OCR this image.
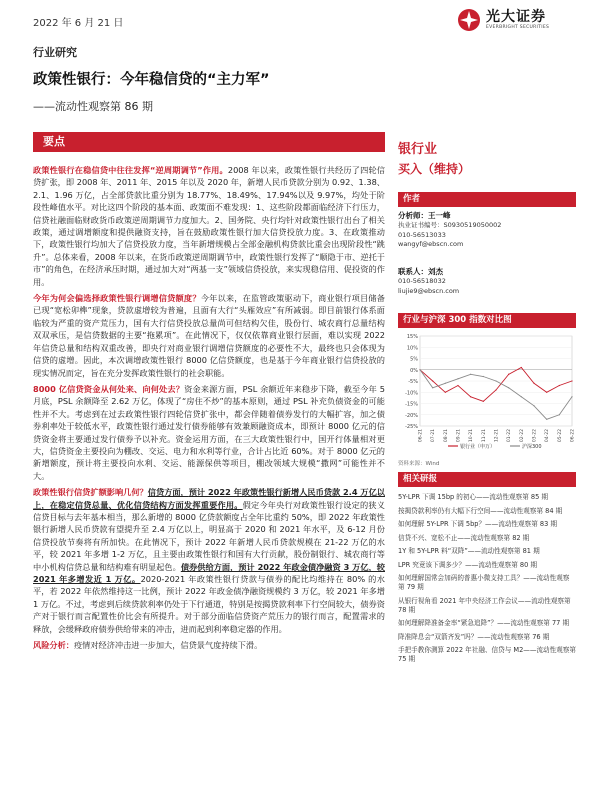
2022 年 6 月 21 日	光大证券
EVERBRIGHT SECURITIES
行业研究
政策性银行：今年稳信贷的“主力军”
——流动性观察第 86 期
要点

政策性银行在稳信贷中往往发挥“逆周期调节”作用。2008 年以来，政策性银行共经历了四轮信贷扩张，即 2008 年、2011 年、2015 年以及 2020 年，新增人民币贷款分别为 0.92、1.38、2.1、1.96 万亿，占全部贷款比重分别为 18.77%、18.49%、17.94%以及 9.97%，均处于阶段性峰值水平。对比这四个阶段的基本面、政策面不难发现：1、这些阶段都面临经济下行压力，信贷社融面临财政货币政策逆周期调节力度加大。2、国务院、央行均针对政策性银行出台了相关政策，通过调增额度和提供融资支持，旨在鼓励政策性银行加大信贷投放力度。3、在政策推动下，政策性银行均加大了信贷投放力度，当年新增规模占全部金融机构贷款比重会出现阶段性“跳升”。总体来看，2008 年以来，在货币政策逆周期调节中，政策性银行发挥了“顺隐于市、逆托于市”的角色，在经济承压时期，通过加大对“两基一支”领域信贷投放，来实现稳信用、促投资的作用。

今年为何会偏选择政策性银行调增信贷额度？今年以来，在监管政策驱动下，商业银行项目储备已现“宽松卯榫”现象，贷款虚增较为普遍，且面有大行“头雁效应”有所减弱。即目前银行体系面临较为严重的资产荒压力，国有大行信贷投放总量尚可但结构欠佳，股份行、城农商行总量结构双双承压，是信贷数据的主要“拖累项”。在此情况下，仅仅依靠商业银行层面，难以实现 2022 年信贷总量和结构双重改善，即央行对商业银行调增信贷额度的必要性不大，最终也只会体现为信贷的虚增。因此，本次调增政策性银行 8000 亿信贷额度，也是基于今年商业银行信贷投放的现实情况而定，旨在充分发挥政策性银行的社会职能。

8000 亿信贷资金从何处来、向何处去？资金来源方面，PSL 余额近年来稳步下降，截至今年 5 月底，PSL 余额降至 2.62 万亿，体现了“房住不炒”的基本原则，通过 PSL 补充负债资金的可能性并不大。考虑到在过去政策性银行四轮信贷扩张中，都会伴随着债券发行的大幅扩容，加之债券利率处于较低水平，政策性银行通过发行债券能够有效兼顾融资成本，即预计 8000 亿元的信贷资金将主要通过发行债券予以补充。资金运用方面，在三大政策性银行中，国开行体量相对更大，信贷资金主要投向为棚改、交运、电力和水利等行业，合计占比近 60%。对于 8000 亿元的新增额度，预计将主要投向水利、交运、能源保供等项目，棚改领域大规模“撒网”可能性并不大。

政策性银行信贷扩额影响几何？信贷方面，预计 2022 年政策性银行新增人民币贷款 2.4 万亿以上，在稳定信贷总量、优化信贷结构方面发挥重要作用。假定今年央行对政策性银行设定的狭义信贷目标与去年基本相当，那么新增的 8000 亿贷款额度占全年比重约 50%，即 2022 年政策性银行新增人民币贷款有望提升至 2.4 万亿以上，明显高于 2020 和 2021 年水平，及 6-12 月份信贷投放节奏将有所加快。在此情况下，预计 2022 年新增人民币贷款规模在 21-22 万亿的水平，较 2021 年多增 1-2 万亿，且主要由政策性银行和国有大行贡献，股份制银行、城农商行等中小机构信贷总量和结构难有明显起色。债券供给方面，预计 2022 年政金债净融资 3 万亿，较 2021 年多增发近 1 万亿。2020-2021 年政策性银行贷款与债券的配比均维持在 80% 的水平，若 2022 年依然维持这一比例，预计 2022 年政金债净融资规模约 3 万亿，较 2021 年多增 1 万亿。不过，考虑到后续贷款利率仍处于下行通道，特别是按揭贷款利率下行空间较大，债券资产对于银行而言配置性价比会有所提升。对于部分面临信贷资产荒压力的银行而言，配置需求的释放，会缓释政府债券供给带来的冲击，进而起到利率稳定器的作用。

风险分析：疫情对经济冲击进一步加大，信贷景气度持续下滑。

银行业
买入（维持）
作者
分析师：王一峰
执业证书编号：S0930519050002
010-56513033
wangyf@ebscn.com
联系人：刘杰
010-56518032
liujie9@ebscn.com
行业与沪深 300 指数对比图
15%
10%
5%
0%
-5%
-10%
-15%
-20%
-25%
06-21 07-21 08-21 09-21 10-21 11-21 12-21 01-22 02-22 03-22 04-22 05-22 06-22
银行业（申万）	沪深300
资料来源：Wind
相关研报
5Y-LPR 下调 15bp 的初心——流动性观察第 85 期
按揭贷款利率仍有大幅下行空间——流动性观察第 84 期
如何理解 5Y-LPR 下调 5bp？——流动性观察第 83 期
信贷不兴、宽松不止——流动性观察第 82 期
1Y 和 5Y-LPR 料“双降”——流动性观察第 81 期
LPR 究竟该下调多少？——流动性观察第 80 期
如何理解国常会加码的普惠小微支持工具？——流动性观察第 79 期
从银行视角看 2021 年中央经济工作会议——流动性观察第 78 期
如何理解降准备金率“紧急追降”？——流动性观察第 77 期
降准降息会“双箭齐发”吗？——流动性观察第 76 期
手把手教你测算 2022 年社融、信贷与 M2——流动性观察第 75 期
